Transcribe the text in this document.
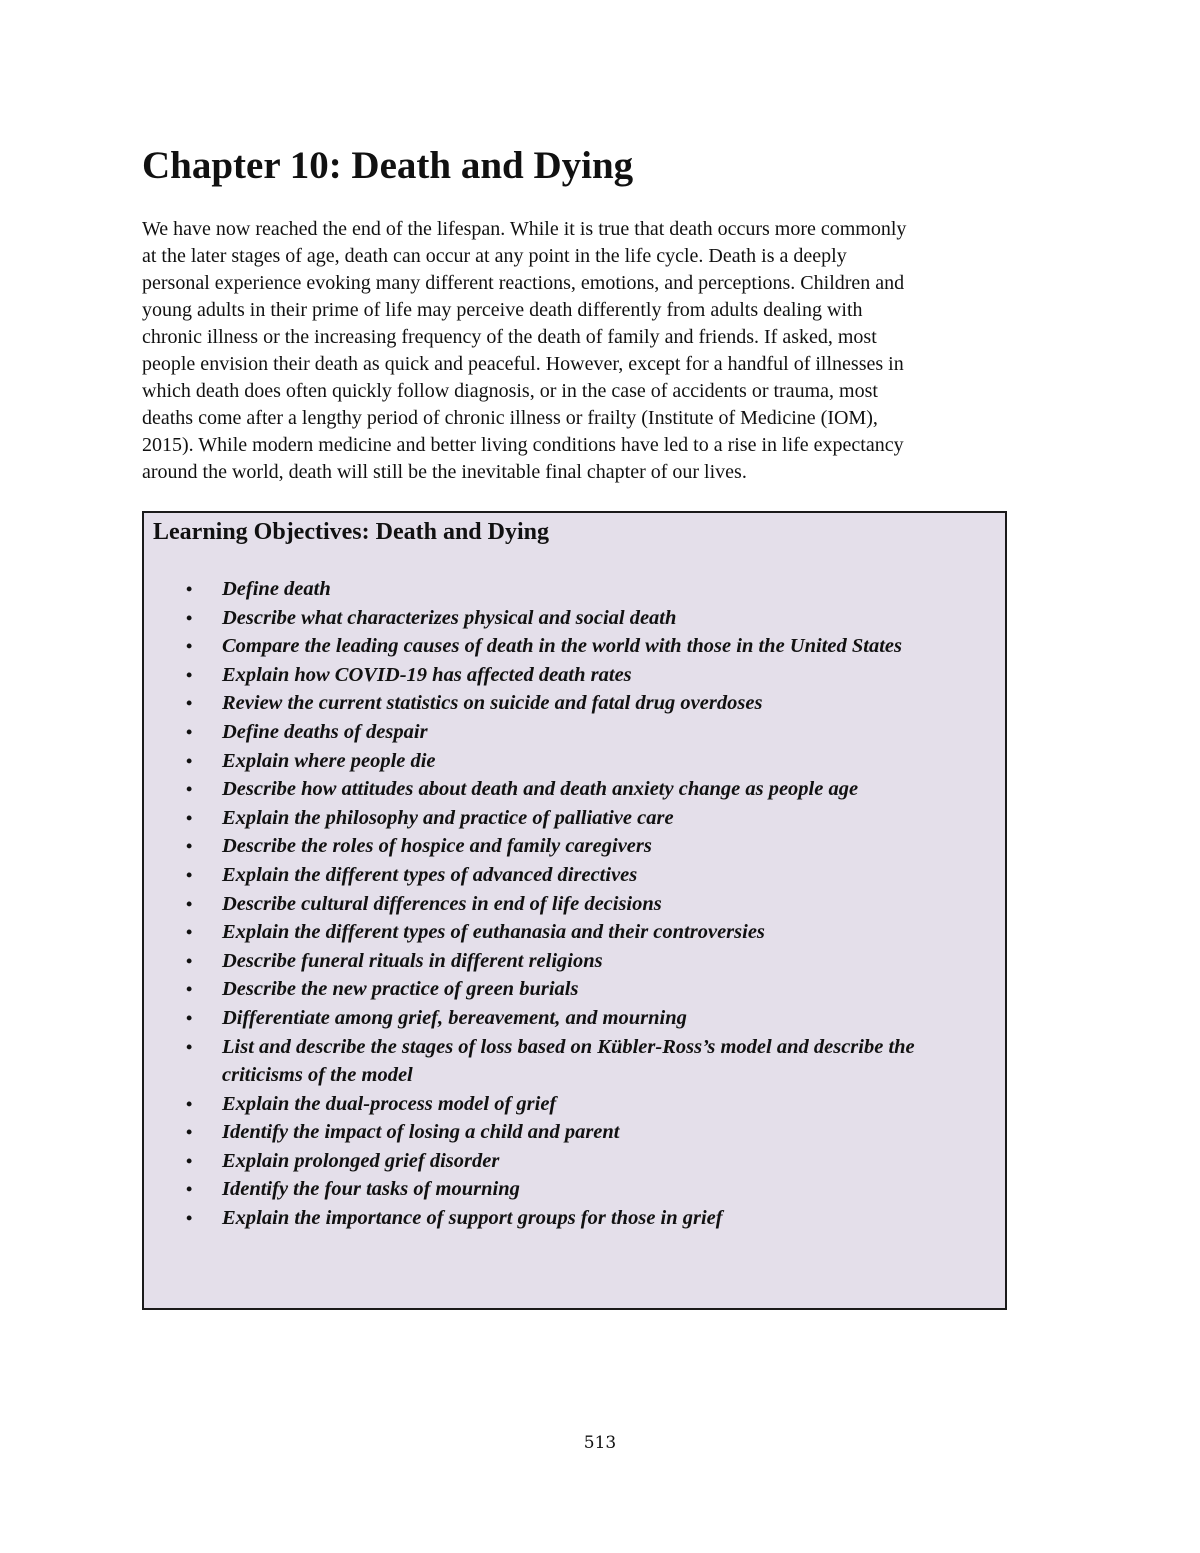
Chapter 10: Death and Dying

We have now reached the end of the lifespan. While it is true that death occurs more commonly
at the later stages of age, death can occur at any point in the life cycle. Death is a deeply
personal experience evoking many different reactions, emotions, and perceptions. Children and
young adults in their prime of life may perceive death differently from adults dealing with
chronic illness or the increasing frequency of the death of family and friends. If asked, most
people envision their death as quick and peaceful. However, except for a handful of illnesses in
which death does often quickly follow diagnosis, or in the case of accidents or trauma, most
deaths come after a lengthy period of chronic illness or frailty (Institute of Medicine (IOM),
2015). While modern medicine and better living conditions have led to a rise in life expectancy
around the world, death will still be the inevitable final chapter of our lives.

Learning Objectives: Death and Dying
• Define death
• Describe what characterizes physical and social death
• Compare the leading causes of death in the world with those in the United States
• Explain how COVID-19 has affected death rates
• Review the current statistics on suicide and fatal drug overdoses
• Define deaths of despair
• Explain where people die
• Describe how attitudes about death and death anxiety change as people age
• Explain the philosophy and practice of palliative care
• Describe the roles of hospice and family caregivers
• Explain the different types of advanced directives
• Describe cultural differences in end of life decisions
• Explain the different types of euthanasia and their controversies
• Describe funeral rituals in different religions
• Describe the new practice of green burials
• Differentiate among grief, bereavement, and mourning
• List and describe the stages of loss based on Kübler-Ross’s model and describe the criticisms of the model
• Explain the dual-process model of grief
• Identify the impact of losing a child and parent
• Explain prolonged grief disorder
• Identify the four tasks of mourning
• Explain the importance of support groups for those in grief
513
